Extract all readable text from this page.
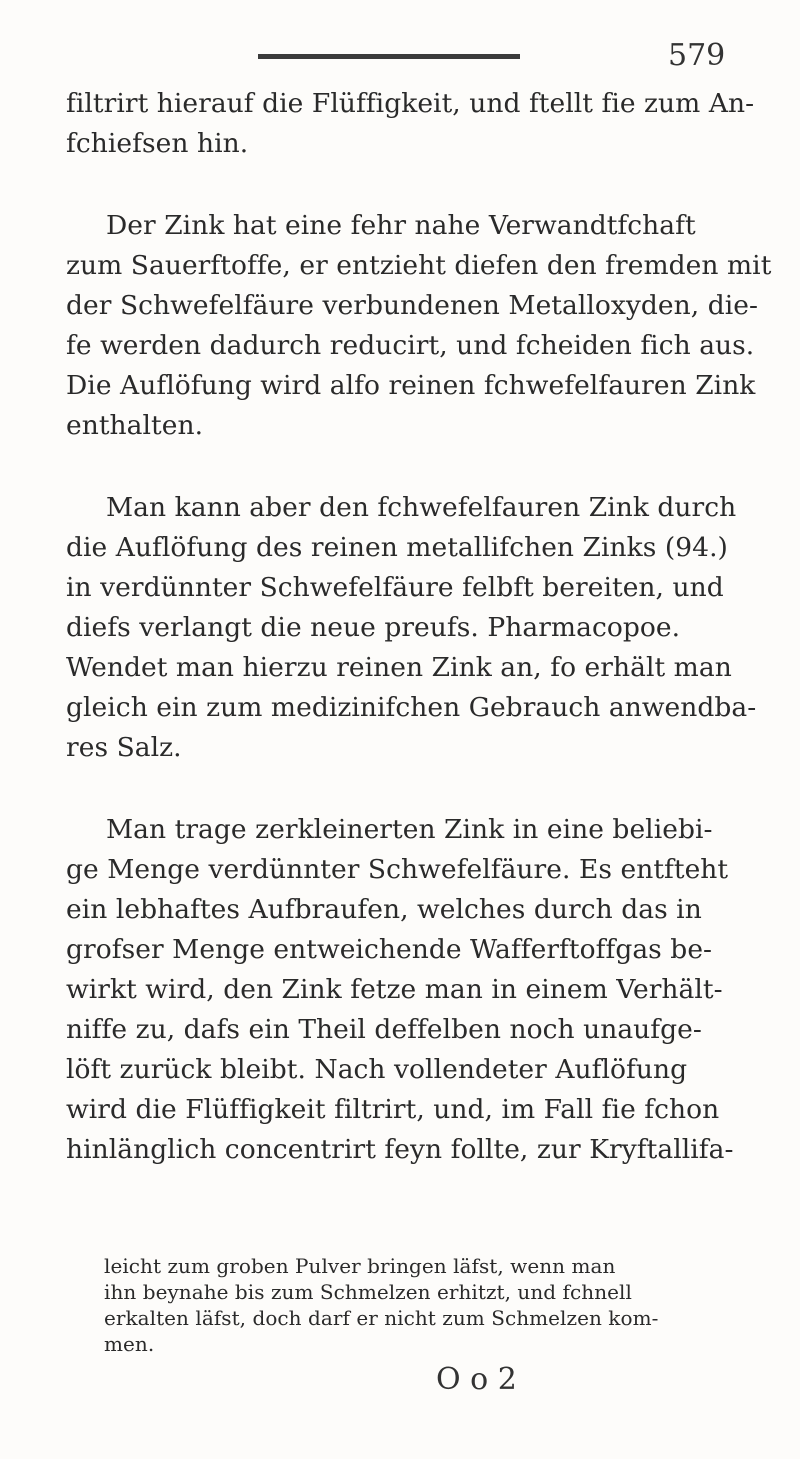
579
filtrirt hierauf die Flüffigkeit, und ftellt fie zum An-
fchiefsen hin.
Der Zink hat eine fehr nahe Verwandtfchaft
zum Sauerftoffe, er entzieht diefen den fremden mit
der Schwefelfäure verbundenen Metalloxyden, die-
fe werden dadurch reducirt, und fcheiden fich aus.
Die Auflöfung wird alfo reinen fchwefelfauren Zink
enthalten.
Man kann aber den fchwefelfauren Zink durch
die Auflöfung des reinen metallifchen Zinks (94.)
in verdünnter Schwefelfäure felbft bereiten, und
diefs verlangt die neue preufs. Pharmacopoe.
Wendet man hierzu reinen Zink an, fo erhält man
gleich ein zum medizinifchen Gebrauch anwendba-
res Salz.
Man trage zerkleinerten Zink in eine beliebi-
ge Menge verdünnter Schwefelfäure. Es entfteht
ein lebhaftes Aufbraufen, welches durch das in
grofser Menge entweichende Wafferftoffgas be-
wirkt wird, den Zink fetze man in einem Verhält-
niffe zu, dafs ein Theil deffelben noch unaufge-
löft zurück bleibt. Nach vollendeter Auflöfung
wird die Flüffigkeit filtrirt, und, im Fall fie fchon
hinlänglich concentrirt feyn follte, zur Kryftallifa-
leicht zum groben Pulver bringen läfst, wenn man
ihn beynahe bis zum Schmelzen erhitzt, und fchnell
erkalten läfst, doch darf er nicht zum Schmelzen kom-
men.
O o 2
